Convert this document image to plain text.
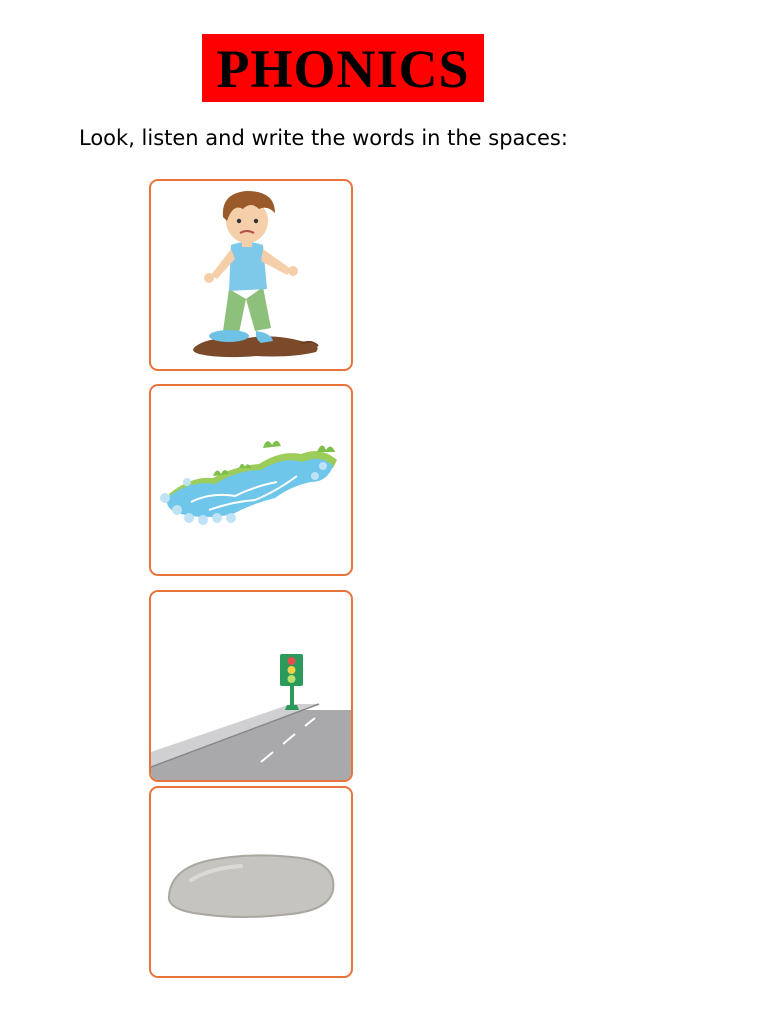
PHONICS
Look, listen and write the words in the spaces:
